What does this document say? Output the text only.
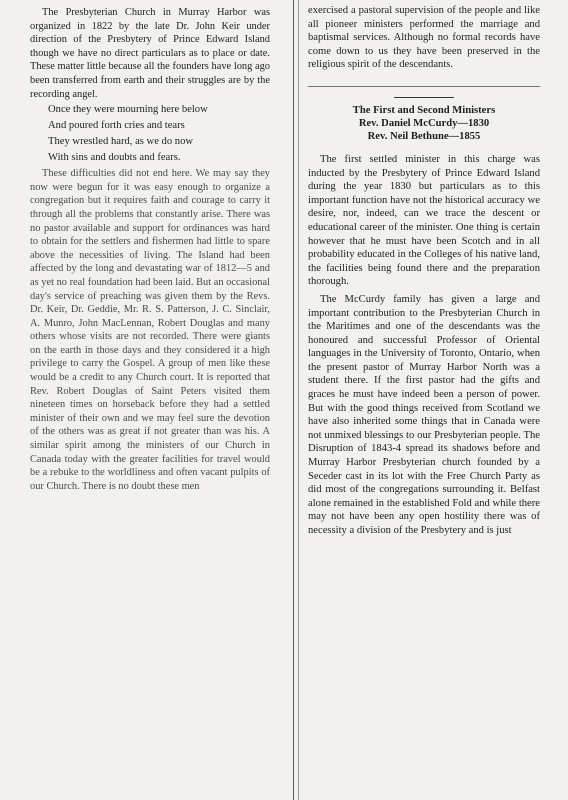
The Presbyterian Church in Murray Harbor was organized in 1822 by the late Dr. John Keir under direction of the Presbytery of Prince Edward Island though we have no direct particulars as to place or date. These matter little because all the founders have long ago been transferred from earth and their struggles are by the recording angel.

Once they were mourning here below

And poured forth cries and tears

They wrestled hard, as we do now

With sins and doubts and fears.

These difficulties did not end here. We may say they now were begun for it was easy enough to organize a congregation but it requires faith and courage to carry it through all the problems that constantly arise. There was no pastor available and support for ordinances was hard to obtain for the settlers and fishermen had little to spare above the necessities of living. The Island had been affected by the long and devastating war of 1812—5 and as yet no real foundation had been laid. But an occasional day's service of preaching was given them by the Revs. Dr. Keir, Dr. Geddie, Mr. R. S. Patterson, J. C. Sinclair, A. Munro, John MacLennan, Robert Douglas and many others whose visits are not recorded. There were giants on the earth in those days and they considered it a high privilege to carry the Gospel. A group of men like these would be a credit to any Church court. It is reported that Rev. Robert Douglas of Saint Peters visited them nineteen times on horseback before they had a settled minister of their own and we may feel sure the devotion of the others was as great if not greater than was his. A similar spirit among the ministers of our Church in Canada today with the greater facilities for travel would be a rebuke to the worldliness and often vacant pulpits of our Church. There is no doubt these men

exercised a pastoral supervision of the people and like all pioneer ministers performed the marriage and baptismal services. Although no formal records have come down to us they have been preserved in the religious spirit of the descendants.

The First and Second Ministers
Rev. Daniel McCurdy—1830
Rev. Neil Bethune—1855

The first settled minister in this charge was inducted by the Presbytery of Prince Edward Island during the year 1830 but particulars as to this important function have not the historical accuracy we desire, nor, indeed, can we trace the descent or educational career of the minister. One thing is certain however that he must have been Scotch and in all probability educated in the Colleges of his native land, the facilities being found there and the preparation thorough.

The McCurdy family has given a large and important contribution to the Presbyterian Church in the Maritimes and one of the descendants was the honoured and successful Professor of Oriental languages in the University of Toronto, Ontario, when the present pastor of Murray Harbor North was a student there. If the first pastor had the gifts and graces he must have indeed been a person of power. But with the good things received from Scotland we have also inherited some things that in Canada were not unmixed blessings to our Presbyterian people. The Disruption of 1843-4 spread its shadows before and Murray Harbor Presbyterian church founded by a Seceder cast in its lot with the Free Church Party as did most of the congregations surrounding it. Belfast alone remained in the established Fold and while there may not have been any open hostility there was of necessity a division of the Presbytery and is just
